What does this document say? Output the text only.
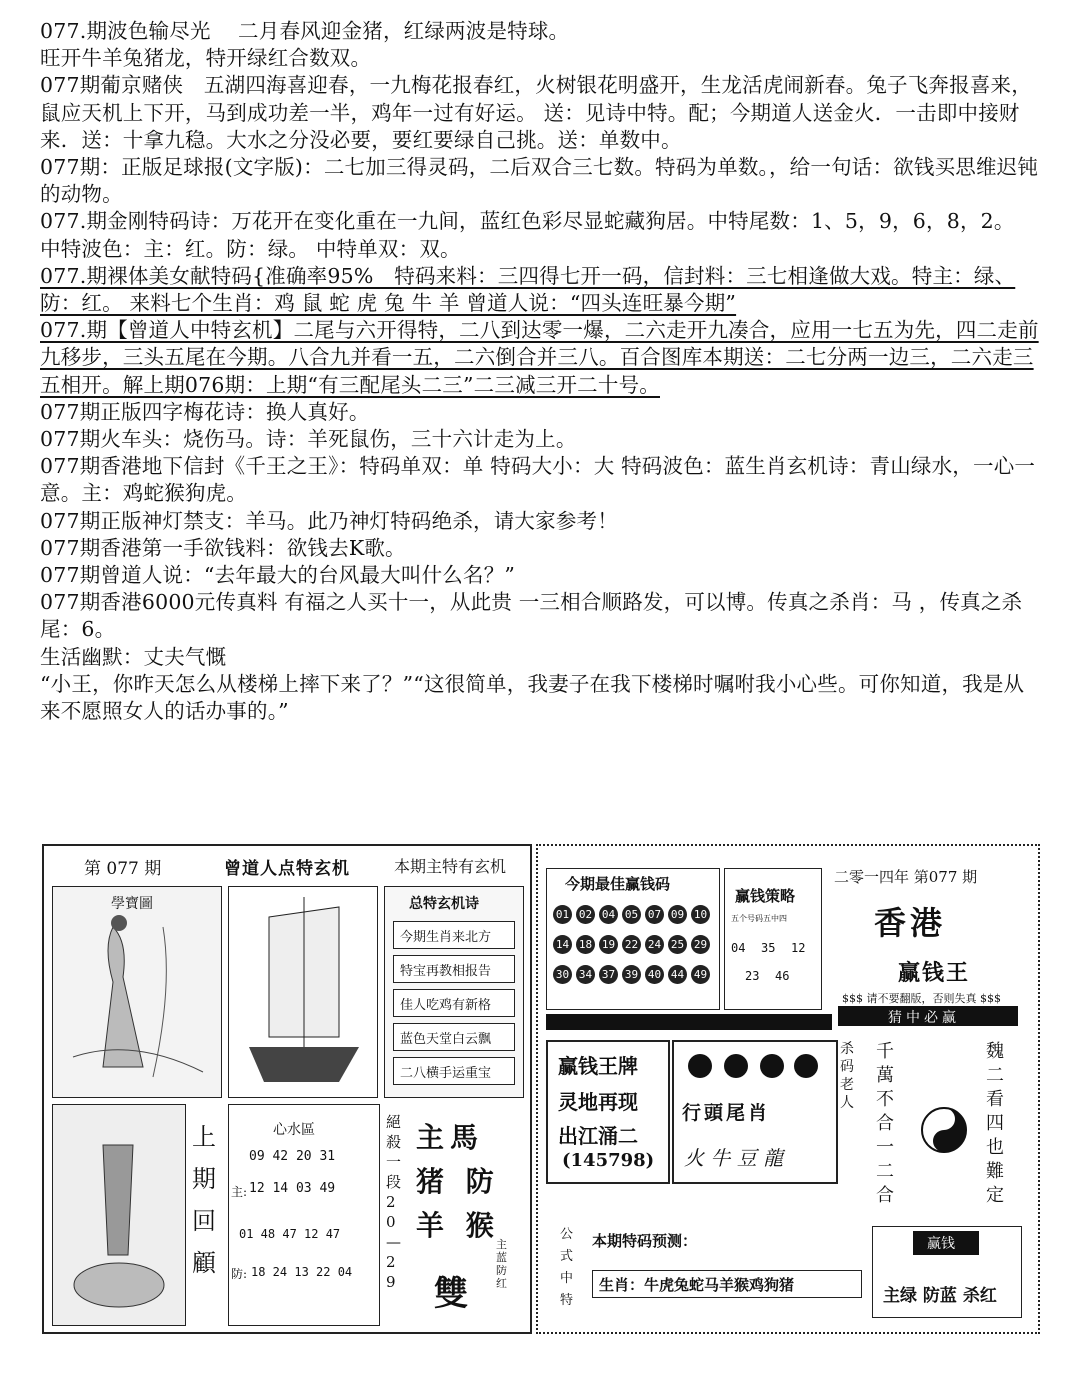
077.期波色输尽光　 二月春风迎金猪，红绿两波是特球。

旺开牛羊兔猪龙，特开绿红合数双。

077期葡京赌侠　五湖四海喜迎春，一九梅花报春红，火树银花明盛开，生龙活虎闹新春。兔子飞奔报喜来，鼠应天机上下开，马到成功差一半，鸡年一过有好运。 送：见诗中特。配；今期道人送金火．一击即中接财来．送：十拿九稳。大水之分没必要，要红要绿自己挑。送：单数中。

077期：正版足球报(文字版)：二七加三得灵码，二后双合三七数。特码为单数。，给一句话：欲钱买思维迟钝的动物。

077.期金刚特码诗：万花开在变化重在一九间，蓝红色彩尽显蛇藏狗居。中特尾数：1、5，9，6，8，2。 中特波色：主：红。防：绿。 中特单双：双。

077.期裸体美女献特码{准确率95%　特码来料：三四得七开一码，信封料：三七相逢做大戏。特主：绿、防：红。 来料七个生肖：鸡 鼠 蛇 虎 兔 牛 羊 曾道人说：“四头连旺暴今期”

077.期【曾道人中特玄机】二尾与六开得特，二八到达零一爆，二六走开九凑合，应用一七五为先，四二走前九移步，三头五尾在今期。八合九并看一五，二六倒合并三八。百合图库本期送：二七分两一边三，二六走三五相开。解上期076期：上期“有三配尾头二三”二三减三开二十号。

077期正版四字梅花诗：换人真好。

077期火车头：烧伤马。诗：羊死鼠伤，三十六计走为上。

077期香港地下信封《千王之王》：特码单双：单 特码大小：大 特码波色：蓝生肖玄机诗：青山绿水，一心一意。主：鸡蛇猴狗虎。

077期正版神灯禁支：羊马。此乃神灯特码绝杀，请大家参考！

077期香港第一手欲钱料：欲钱去K歌。

077期曾道人说：“去年最大的台风最大叫什么名？”

077期香港6000元传真料 有福之人买十一，从此贵 一三相合顺路发，可以博。传真之杀肖：马 ，传真之杀尾：6。

生活幽默：丈夫气慨

“小王，你昨天怎么从楼梯上摔下来了？”“这很简单，我妻子在我下楼梯时嘱咐我小心些。可你知道，我是从来不愿照女人的话办事的。”

第 077 期	曾道人点特玄机	本期主特有玄机
學寶圖	总特玄机诗
今期生肖来北方
特宝再教相报告
佳人吃鸡有新格
蓝色天堂白云飘
二八横手运重宝
上期回顧
心水區
09 42 20 31
主: 12 14 03 49
01 48 47 12 47
防: 18 24 13 22 04
絕殺一段20—29
主馬 猪 防羊 猴
雙
主蓝防红
今期最佳赢钱码
01 02 04 05 07 09 10
14 18 19 22 24 25 29
30 34 37 39 40 44 49
赢钱策略
五个号码五中四
04 35 12
23 46
二零一四年 第077 期
香港
赢钱王
$$$ 请不要翻版，否则失真 $$$
猜中必赢
赢钱王牌
灵地再现
出江涌二
(145798)
行頭尾肖
火 牛 豆 龍
杀码老人
千萬不合一二合
魏二看四也難定
公式中特
本期特码预测：
生肖：牛虎兔蛇马羊猴鸡狗猪
赢钱
主绿 防蓝 杀红
